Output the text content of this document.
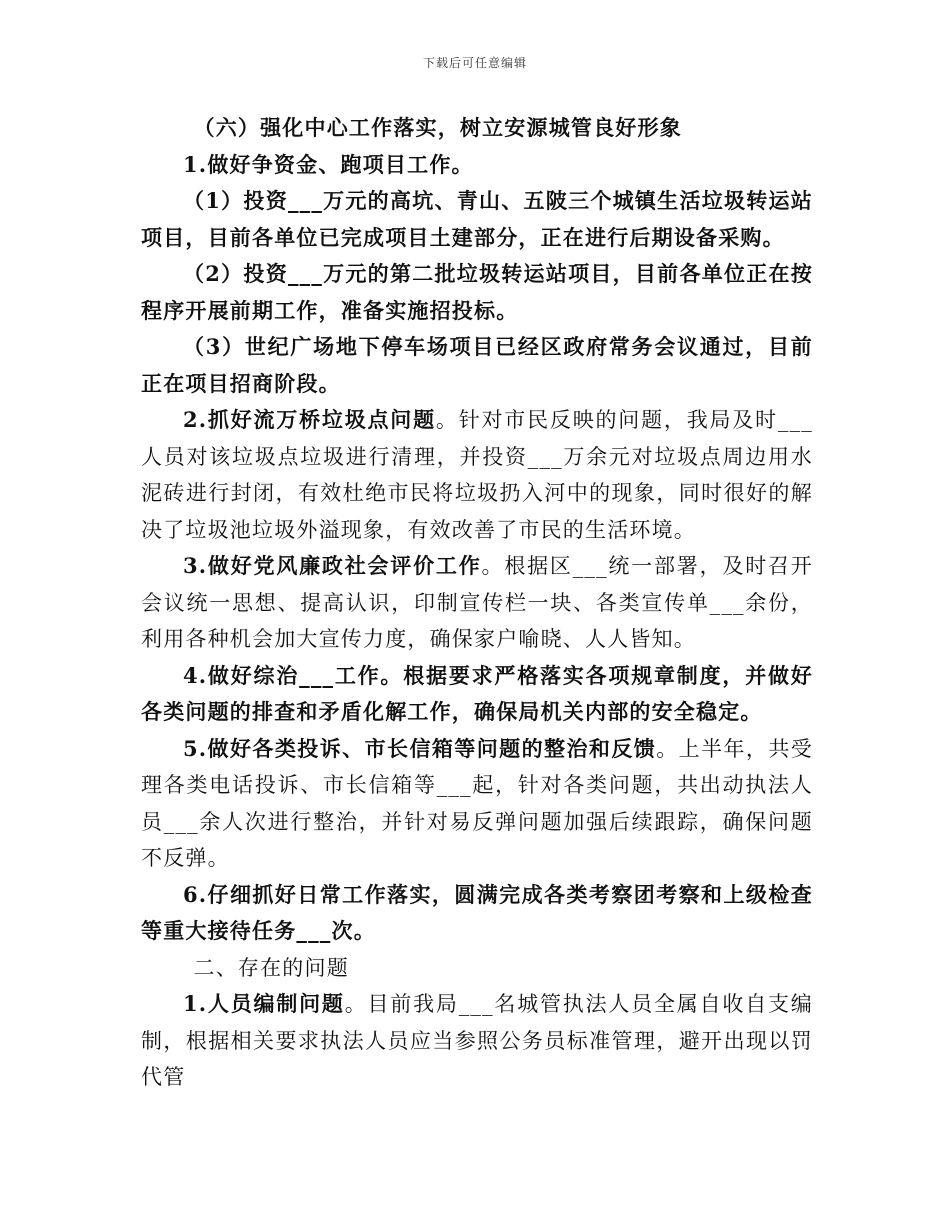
下载后可任意编辑

（六）强化中心工作落实，树立安源城管良好形象

1.做好争资金、跑项目工作。

（1）投资___万元的高坑、青山、五陂三个城镇生活垃圾转运站项目，目前各单位已完成项目土建部分，正在进行后期设备采购。

（2）投资___万元的第二批垃圾转运站项目，目前各单位正在按程序开展前期工作，准备实施招投标。

（3）世纪广场地下停车场项目已经区政府常务会议通过，目前正在项目招商阶段。

2.抓好流万桥垃圾点问题。针对市民反映的问题，我局及时___人员对该垃圾点垃圾进行清理，并投资___万余元对垃圾点周边用水泥砖进行封闭，有效杜绝市民将垃圾扔入河中的现象，同时很好的解决了垃圾池垃圾外溢现象，有效改善了市民的生活环境。

3.做好党风廉政社会评价工作。根据区___统一部署，及时召开会议统一思想、提高认识，印制宣传栏一块、各类宣传单___余份，利用各种机会加大宣传力度，确保家户喻晓、人人皆知。

4.做好综治___工作。根据要求严格落实各项规章制度，并做好各类问题的排查和矛盾化解工作，确保局机关内部的安全稳定。

5.做好各类投诉、市长信箱等问题的整治和反馈。上半年，共受理各类电话投诉、市长信箱等___起，针对各类问题，共出动执法人员___余人次进行整治，并针对易反弹问题加强后续跟踪，确保问题不反弹。

6.仔细抓好日常工作落实，圆满完成各类考察团考察和上级检查等重大接待任务___次。

二、存在的问题

1.人员编制问题。目前我局___名城管执法人员全属自收自支编制，根据相关要求执法人员应当参照公务员标准管理，避开出现以罚代管
